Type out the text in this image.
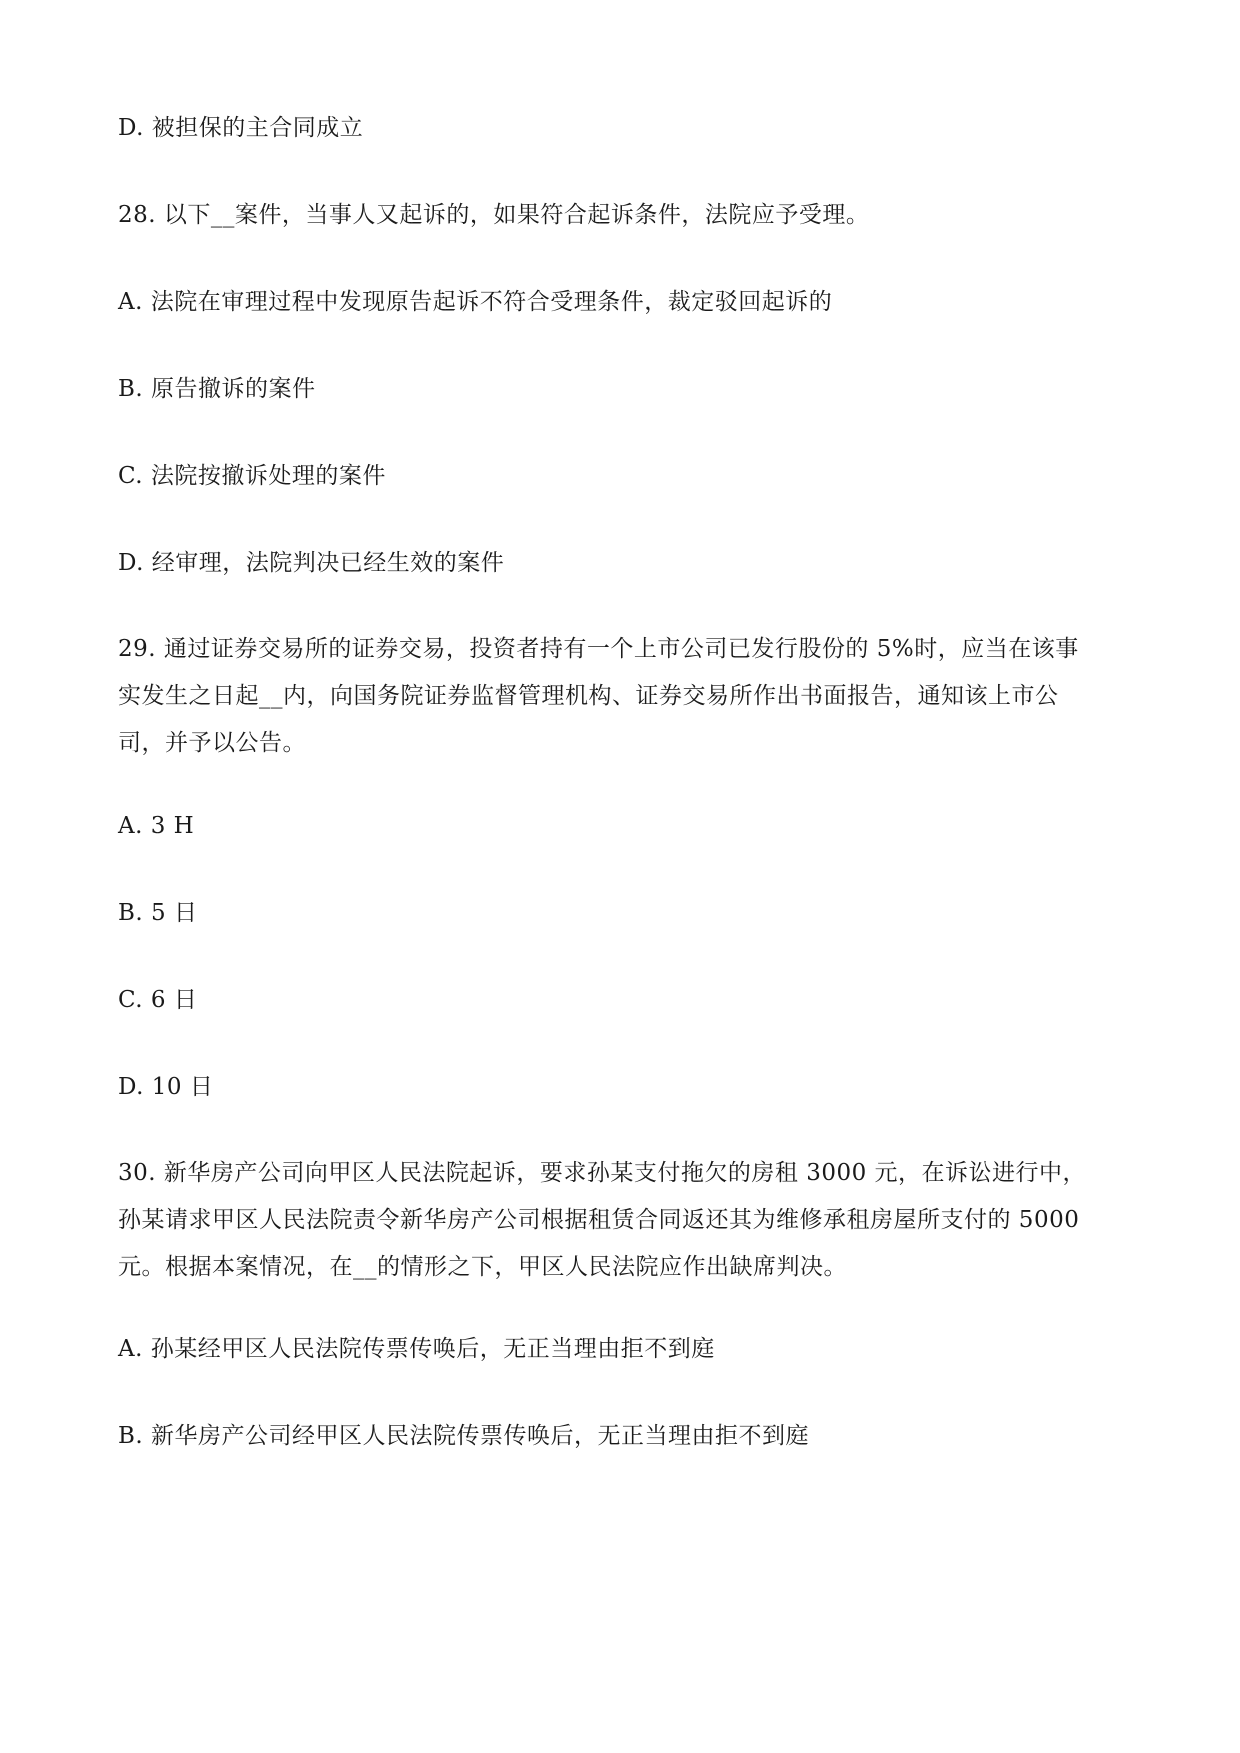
D. 被担保的主合同成立
28. 以下__案件，当事人又起诉的，如果符合起诉条件，法院应予受理。
A. 法院在审理过程中发现原告起诉不符合受理条件，裁定驳回起诉的
B. 原告撤诉的案件
C. 法院按撤诉处理的案件
D. 经审理，法院判决已经生效的案件
29. 通过证券交易所的证券交易，投资者持有一个上市公司已发行股份的 5%时，应当在该事
实发生之日起__内，向国务院证券监督管理机构、证券交易所作出书面报告，通知该上市公
司，并予以公告。
A. 3 H
B. 5 日
C. 6 日
D. 10 日
30. 新华房产公司向甲区人民法院起诉，要求孙某支付拖欠的房租 3000 元，在诉讼进行中，
孙某请求甲区人民法院责令新华房产公司根据租赁合同返还其为维修承租房屋所支付的 5000
元。根据本案情况，在__的情形之下，甲区人民法院应作出缺席判决。
A. 孙某经甲区人民法院传票传唤后，无正当理由拒不到庭
B. 新华房产公司经甲区人民法院传票传唤后，无正当理由拒不到庭
